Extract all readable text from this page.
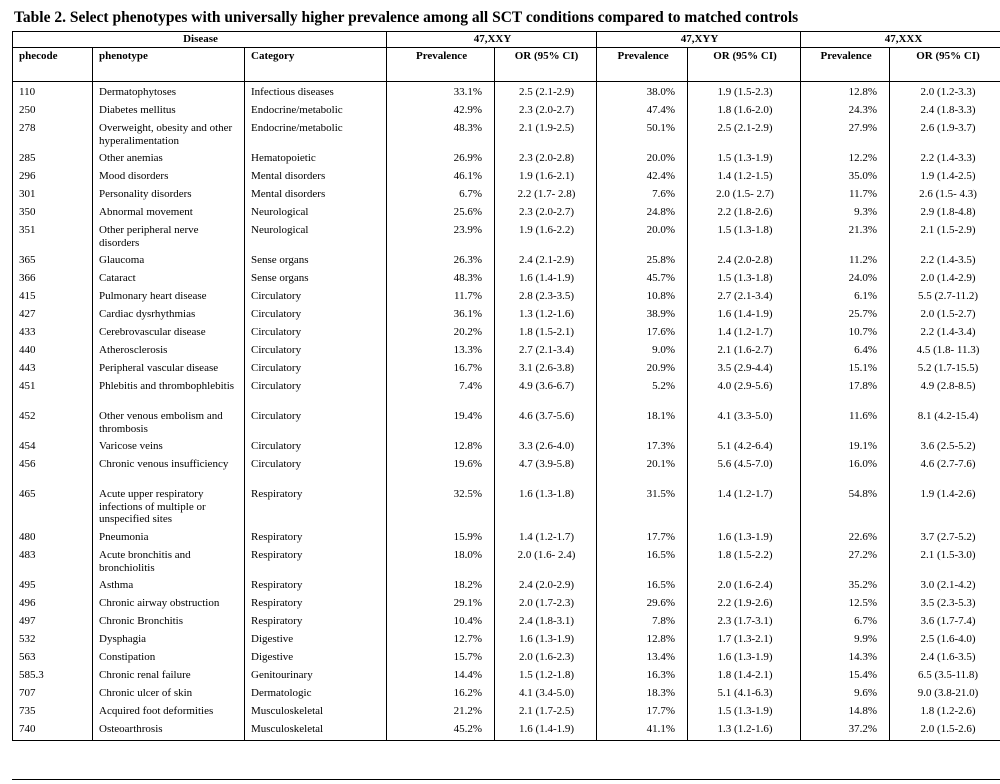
Table 2. Select phenotypes with universally higher prevalence among all SCT conditions compared to matched controls
Disease			47,XXY		47,XYY		47,XXX	
phecode	phenotype	Category	Prevalence	OR (95% CI)	Prevalence	OR (95% CI)	Prevalence	OR (95% CI)

110	Dermatophytoses	Infectious diseases	33.1%	2.5 (2.1-2.9)	38.0%	1.9 (1.5-2.3)	12.8%	2.0 (1.2-3.3)
250	Diabetes mellitus	Endocrine/metabolic	42.9%	2.3 (2.0-2.7)	47.4%	1.8 (1.6-2.0)	24.3%	2.4 (1.8-3.3)
278	Overweight, obesity and other hyperalimentation	Endocrine/metabolic	48.3%	2.1 (1.9-2.5)	50.1%	2.5 (2.1-2.9)	27.9%	2.6 (1.9-3.7)
285	Other anemias	Hematopoietic	26.9%	2.3 (2.0-2.8)	20.0%	1.5 (1.3-1.9)	12.2%	2.2 (1.4-3.3)
296	Mood disorders	Mental disorders	46.1%	1.9 (1.6-2.1)	42.4%	1.4 (1.2-1.5)	35.0%	1.9 (1.4-2.5)
301	Personality disorders	Mental disorders	6.7%	2.2 (1.7- 2.8)	7.6%	2.0 (1.5- 2.7)	11.7%	2.6 (1.5- 4.3)
350	Abnormal movement	Neurological	25.6%	2.3 (2.0-2.7)	24.8%	2.2 (1.8-2.6)	9.3%	2.9 (1.8-4.8)
351	Other peripheral nerve disorders	Neurological	23.9%	1.9 (1.6-2.2)	20.0%	1.5 (1.3-1.8)	21.3%	2.1 (1.5-2.9)
365	Glaucoma	Sense organs	26.3%	2.4 (2.1-2.9)	25.8%	2.4 (2.0-2.8)	11.2%	2.2 (1.4-3.5)
366	Cataract	Sense organs	48.3%	1.6 (1.4-1.9)	45.7%	1.5 (1.3-1.8)	24.0%	2.0 (1.4-2.9)
415	Pulmonary heart disease	Circulatory	11.7%	2.8 (2.3-3.5)	10.8%	2.7 (2.1-3.4)	6.1%	5.5 (2.7-11.2)
427	Cardiac dysrhythmias	Circulatory	36.1%	1.3 (1.2-1.6)	38.9%	1.6 (1.4-1.9)	25.7%	2.0 (1.5-2.7)
433	Cerebrovascular disease	Circulatory	20.2%	1.8 (1.5-2.1)	17.6%	1.4 (1.2-1.7)	10.7%	2.2 (1.4-3.4)
440	Atherosclerosis	Circulatory	13.3%	2.7 (2.1-3.4)	9.0%	2.1 (1.6-2.7)	6.4%	4.5 (1.8- 11.3)
443	Peripheral vascular disease	Circulatory	16.7%	3.1 (2.6-3.8)	20.9%	3.5 (2.9-4.4)	15.1%	5.2 (1.7-15.5)
451	Phlebitis and thrombophlebitis	Circulatory	7.4%	4.9 (3.6-6.7)	5.2%	4.0 (2.9-5.6)	17.8%	4.9 (2.8-8.5)
452	Other venous embolism and thrombosis	Circulatory	19.4%	4.6 (3.7-5.6)	18.1%	4.1 (3.3-5.0)	11.6%	8.1 (4.2-15.4)
454	Varicose veins	Circulatory	12.8%	3.3 (2.6-4.0)	17.3%	5.1 (4.2-6.4)	19.1%	3.6 (2.5-5.2)
456	Chronic venous insufficiency	Circulatory	19.6%	4.7 (3.9-5.8)	20.1%	5.6 (4.5-7.0)	16.0%	4.6 (2.7-7.6)
465	Acute upper respiratory infections of multiple or unspecified sites	Respiratory	32.5%	1.6 (1.3-1.8)	31.5%	1.4 (1.2-1.7)	54.8%	1.9 (1.4-2.6)
480	Pneumonia	Respiratory	15.9%	1.4 (1.2-1.7)	17.7%	1.6 (1.3-1.9)	22.6%	3.7 (2.7-5.2)
483	Acute bronchitis and bronchiolitis	Respiratory	18.0%	2.0 (1.6- 2.4)	16.5%	1.8 (1.5-2.2)	27.2%	2.1 (1.5-3.0)
495	Asthma	Respiratory	18.2%	2.4 (2.0-2.9)	16.5%	2.0 (1.6-2.4)	35.2%	3.0 (2.1-4.2)
496	Chronic airway obstruction	Respiratory	29.1%	2.0 (1.7-2.3)	29.6%	2.2 (1.9-2.6)	12.5%	3.5 (2.3-5.3)
497	Chronic Bronchitis	Respiratory	10.4%	2.4 (1.8-3.1)	7.8%	2.3 (1.7-3.1)	6.7%	3.6 (1.7-7.4)
532	Dysphagia	Digestive	12.7%	1.6 (1.3-1.9)	12.8%	1.7 (1.3-2.1)	9.9%	2.5 (1.6-4.0)
563	Constipation	Digestive	15.7%	2.0 (1.6-2.3)	13.4%	1.6 (1.3-1.9)	14.3%	2.4 (1.6-3.5)
585.3	Chronic renal failure	Genitourinary	14.4%	1.5 (1.2-1.8)	16.3%	1.8 (1.4-2.1)	15.4%	6.5 (3.5-11.8)
707	Chronic ulcer of skin	Dermatologic	16.2%	4.1 (3.4-5.0)	18.3%	5.1 (4.1-6.3)	9.6%	9.0 (3.8-21.0)
735	Acquired foot deformities	Musculoskeletal	21.2%	2.1 (1.7-2.5)	17.7%	1.5 (1.3-1.9)	14.8%	1.8 (1.2-2.6)
740	Osteoarthrosis	Musculoskeletal	45.2%	1.6 (1.4-1.9)	41.1%	1.3 (1.2-1.6)	37.2%	2.0 (1.5-2.6)
